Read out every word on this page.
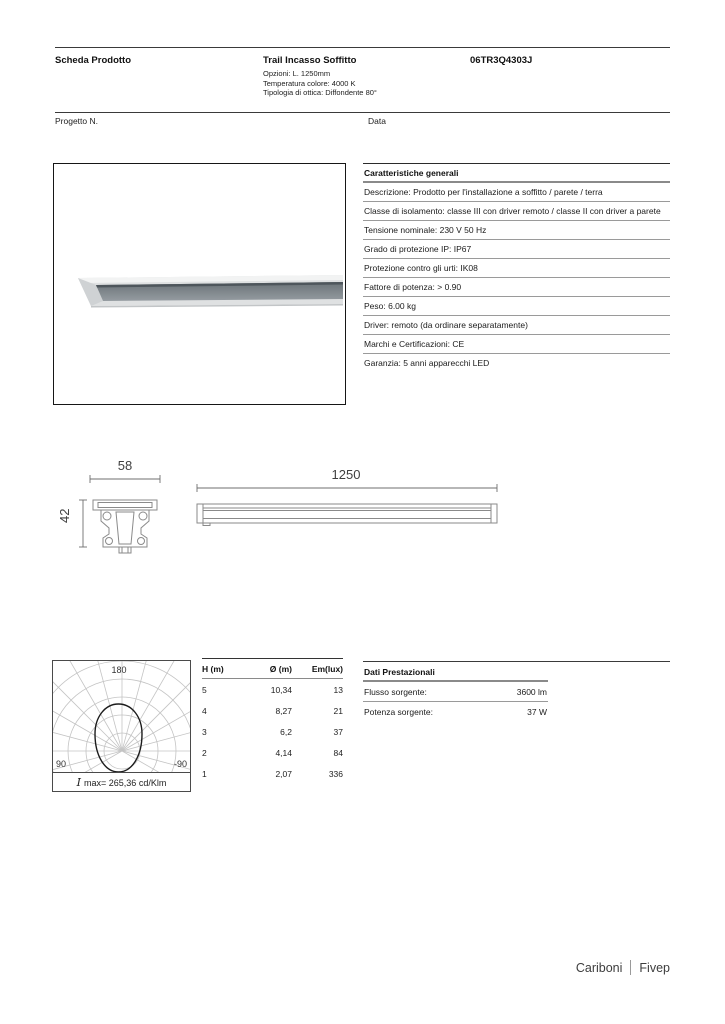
Scheda Prodotto	Trail Incasso Soffitto
Opzioni: L. 1250mm
Temperatura colore: 4000 K
Tipologia di ottica: Diffondente 80°
06TR3Q4303J
Progetto N.	Data
Caratteristiche generali
Descrizione: Prodotto per l'installazione a soffitto / parete / terra
Classe di isolamento: classe III con driver remoto / classe II con driver a parete
Tensione nominale: 230 V 50 Hz
Grado di protezione IP: IP67
Protezione contro gli urti: IK08
Fattore di potenza: > 0.90
Peso: 6.00 kg
Driver: remoto (da ordinare separatamente)
Marchi e Certificazioni: CE
Garanzia: 5 anni apparecchi LED
58
1250
42
180
90	-90
I max= 265,36 cd/Klm
H (m)	Ø (m)	Em(lux)
5	10,34	13
4	8,27	21
3	6,2	37
2	4,14	84
1	2,07	336
Dati Prestazionali
Flusso sorgente:	3600 lm
Potenza sorgente:	37 W
Cariboni Fivep
